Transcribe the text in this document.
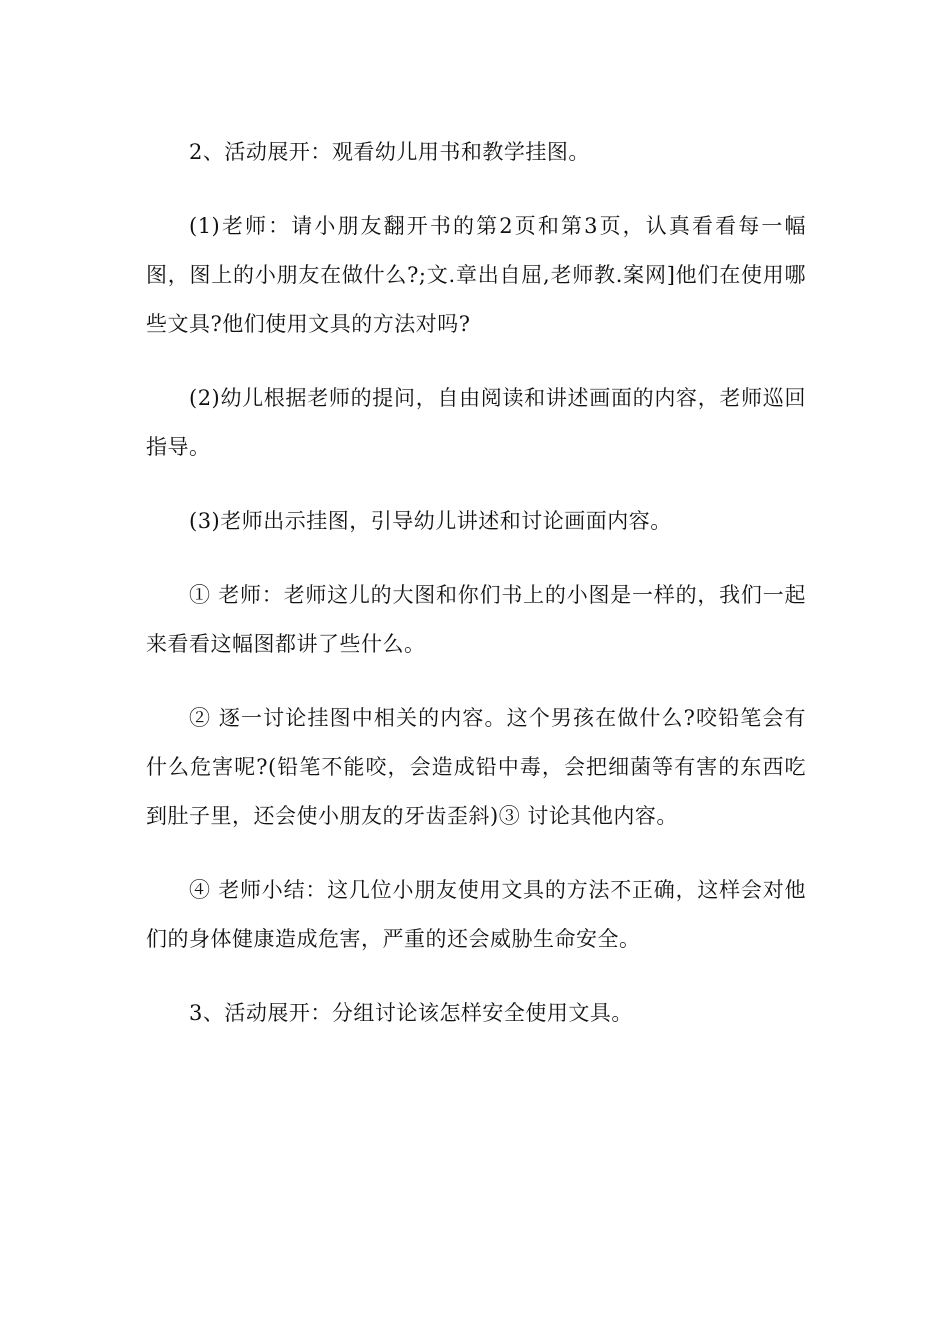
2、活动展开：观看幼儿用书和教学挂图。

(1)老师：请小朋友翻开书的第2页和第3页，认真看看每一幅图，图上的小朋友在做什么?;文.章出自屈,老师教.案网]他们在使用哪些文具?他们使用文具的方法对吗?

(2)幼儿根据老师的提问，自由阅读和讲述画面的内容，老师巡回指导。

(3)老师出示挂图，引导幼儿讲述和讨论画面内容。

① 老师：老师这儿的大图和你们书上的小图是一样的，我们一起来看看这幅图都讲了些什么。

② 逐一讨论挂图中相关的内容。这个男孩在做什么?咬铅笔会有什么危害呢?(铅笔不能咬，会造成铅中毒，会把细菌等有害的东西吃到肚子里，还会使小朋友的牙齿歪斜)③ 讨论其他内容。

④ 老师小结：这几位小朋友使用文具的方法不正确，这样会对他们的身体健康造成危害，严重的还会威胁生命安全。

3、活动展开：分组讨论该怎样安全使用文具。
